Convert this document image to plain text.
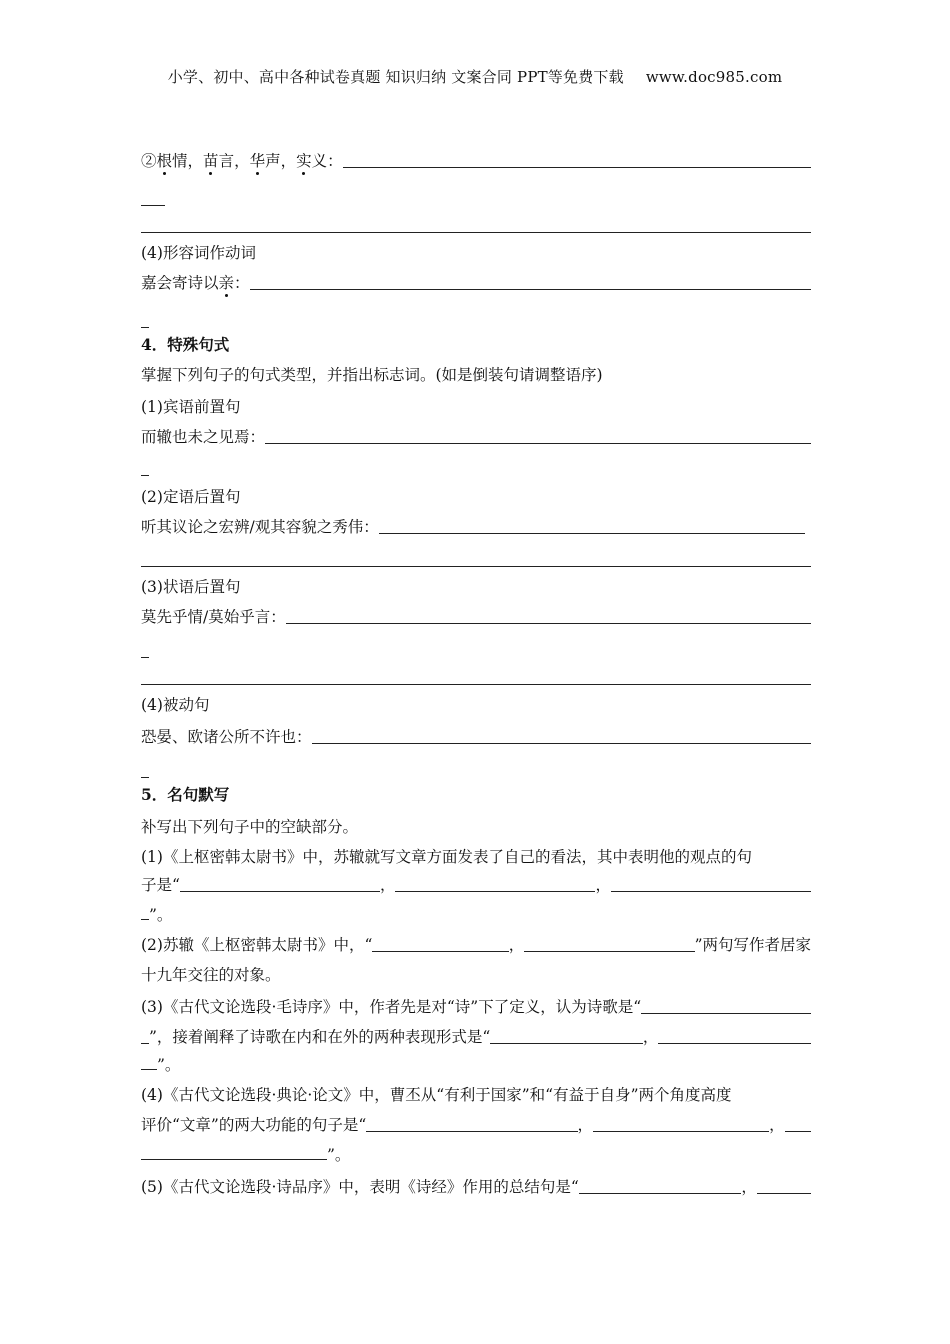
小学、初中、高中各种试卷真题 知识归纳 文案合同 PPT等免费下载 www.doc985.com
②根情，苗言，华声，实义：
(4)形容词作动词
嘉会寄诗以亲：
4．特殊句式
掌握下列句子的句式类型，并指出标志词。(如是倒装句请调整语序)
(1)宾语前置句
而辙也未之见焉：
(2)定语后置句
听其议论之宏辨/观其容貌之秀伟：
(3)状语后置句
莫先乎情/莫始乎言：
(4)被动句
恐晏、欧诸公所不许也：
5．名句默写
补写出下列句子中的空缺部分。
(1)《上枢密韩太尉书》中，苏辙就写文章方面发表了自己的看法，其中表明他的观点的句
子是“	，	，
”。
(2)苏辙《上枢密韩太尉书》中，“	，	”两句写作者居家
十九年交往的对象。
(3)《古代文论选段·毛诗序》中，作者先是对“诗”下了定义，认为诗歌是“
”，接着阐释了诗歌在内和在外的两种表现形式是“	，
”。
(4)《古代文论选段·典论·论文》中，曹丕从“有利于国家”和“有益于自身”两个角度高度
评价“文章”的两大功能的句子是“	，	，
”。
(5)《古代文论选段·诗品序》中，表明《诗经》作用的总结句是“	，
